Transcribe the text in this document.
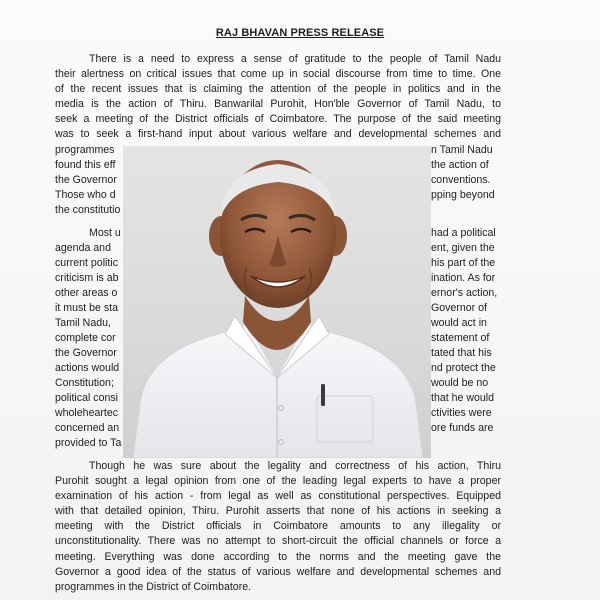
RAJ BHAVAN PRESS RELEASE
There is a need to express a sense of gratitude to the people of Tamil Nadu
their alertness on critical issues that come up in social discourse from time to time. One
of the recent issues that is claiming the attention of the people in politics and in the
media is the action of Thiru. Banwarilal Purohit, Hon'ble Governor of Tamil Nadu, to
seek a meeting of the District officials of Coimbatore. The purpose of the said meeting
was to seek a first-hand input about various welfare and developmental schemes and
programmes
found this eff
the Governor
Those who d
the constitutio
n Tamil Nadu
the action of
conventions.
pping beyond
Most u
agenda and
current politic
criticism is ab
other areas o
it must be sta
Tamil Nadu,
complete cor
the Governor
actions would
Constitution;
political consi
wholeheartec
concerned an
provided to Ta
had a political
ent, given the
his part of the
ination. As for
ernor's action,
Governor of
would act in
statement of
tated that his
nd protect the
would be no
that he would
ctivities were
ore funds are
Though he was sure about the legality and correctness of his action, Thiru
Purohit sought a legal opinion from one of the leading legal experts to have a proper
examination of his action - from legal as well as constitutional perspectives. Equipped
with that detailed opinion, Thiru. Purohit asserts that none of his actions in seeking a
meeting with the District officials in Coimbatore amounts to any illegality or
unconstitutionality. There was no attempt to short-circuit the official channels or force a
meeting. Everything was done according to the norms and the meeting gave the
Governor a good idea of the status of various welfare and developmental schemes and
programmes in the District of Coimbatore.
